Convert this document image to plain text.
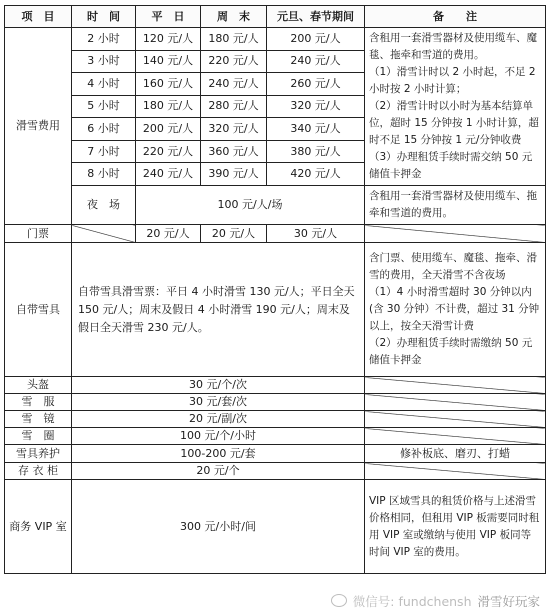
项　目	时　间	平　日	周　末	元旦、春节期间	备　　注
滑雪费用	2 小时	120 元/人	180 元/人	200 元/人	含租用一套滑雪器材及使用缆车、魔毯、拖牵和雪道的费用。
（1）滑雪计时以 2 小时起，不足 2 小时按 2 小时计算；
（2）滑雪计时以小时为基本结算单位，超时 15 分钟按 1 小时计算，超时不足 15 分钟按 1 元/分钟收费
（3）办理租赁手续时需交纳 50 元储值卡押金

	3 小时	140 元/人	220 元/人	240 元/人	
	4 小时	160 元/人	240 元/人	260 元/人	
	5 小时	180 元/人	280 元/人	320 元/人	
	6 小时	200 元/人	320 元/人	340 元/人	
	7 小时	220 元/人	360 元/人	380 元/人	
	8 小时	240 元/人	390 元/人	420 元/人	
	夜　场	100 元/人/场			含租用一套滑雪器材及使用缆车、拖牵和雪道的费用。
门票		20 元/人	20 元/人	30 元/人	
自带雪具	自带雪具滑雪票：平日 4 小时滑雪 130 元/人；平日全天 150 元/人；周末及假日 4 小时滑雪 190 元/人；周末及假日全天滑雪 230 元/人。				含门票、使用缆车、魔毯、拖牵、滑雪的费用，全天滑雪不含夜场
（1）4 小时滑雪超时 30 分钟以内(含 30 分钟）不计费，超过 31 分钟以上，按全天滑雪计费
（2）办理租赁手续时需缴纳 50 元储值卡押金

头盔	30 元/个/次				
雪　服	30 元/套/次				
雪　镜	20 元/副/次				
雪　圈	100 元/个/小时				
雪具养护	100-200 元/套				修补板底、磨刃、打蜡
存 衣 柜	20 元/个				
商务 VIP 室	300 元/小时/间				VIP 区域雪具的租赁价格与上述滑雪价格相同，但租用 VIP 板需要同时租用 VIP 室或缴纳与使用 VIP 板同等时间 VIP 室的费用。
微信号: fundchensh 滑雪好玩家
